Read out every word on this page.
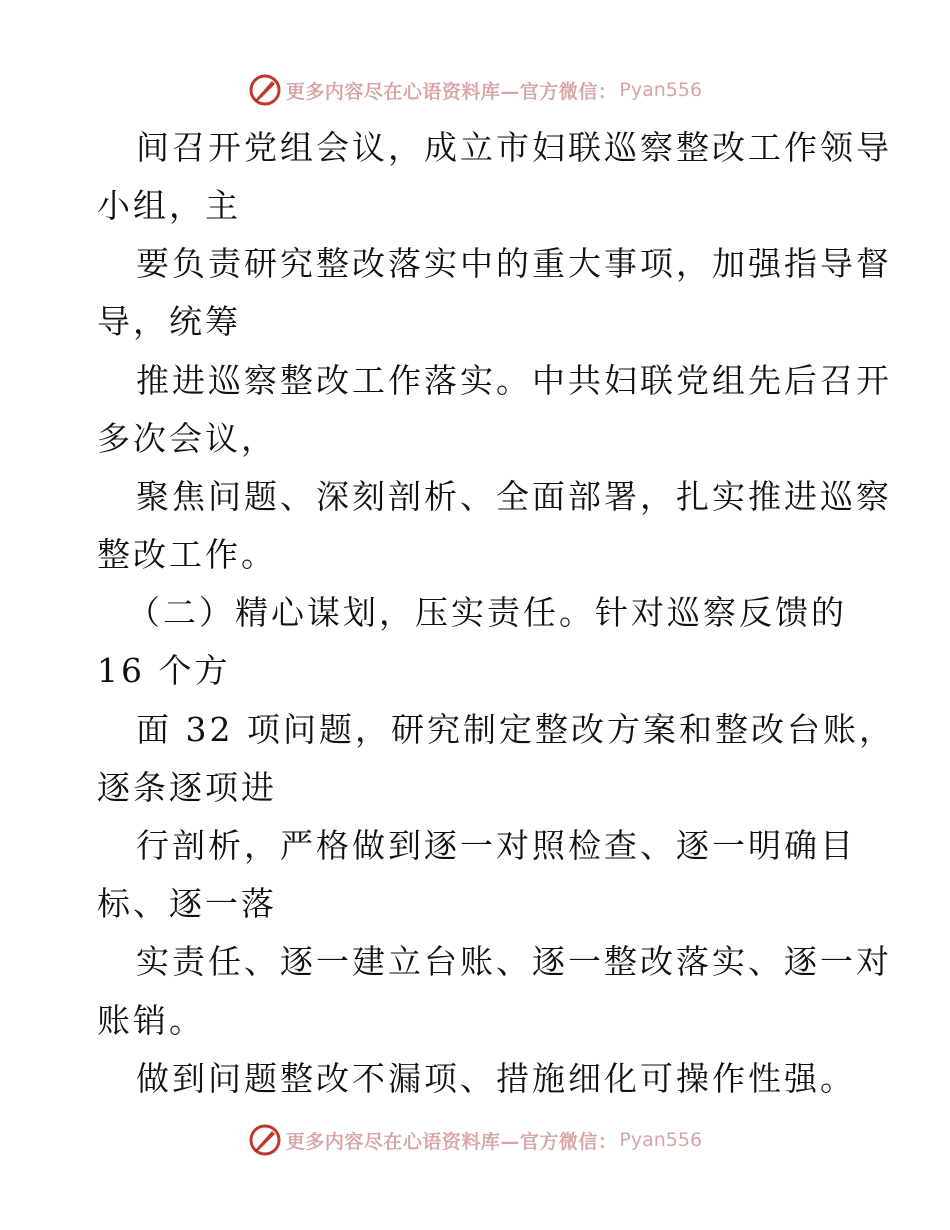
更多内容尽在心语资料库—官方微信： Pyan556
间召开党组会议，成立市妇联巡察整改工作领导
小组，主
要负责研究整改落实中的重大事项，加强指导督
导，统筹
推进巡察整改工作落实。中共妇联党组先后召开
多次会议，
聚焦问题、深刻剖析、全面部署，扎实推进巡察
整改工作。
（二）精心谋划，压实责任。针对巡察反馈的
16 个方
面 32 项问题，研究制定整改方案和整改台账，
逐条逐项进
行剖析，严格做到逐一对照检查、逐一明确目
标、逐一落
实责任、逐一建立台账、逐一整改落实、逐一对
账销。
做到问题整改不漏项、措施细化可操作性强。
更多内容尽在心语资料库—官方微信： Pyan556
